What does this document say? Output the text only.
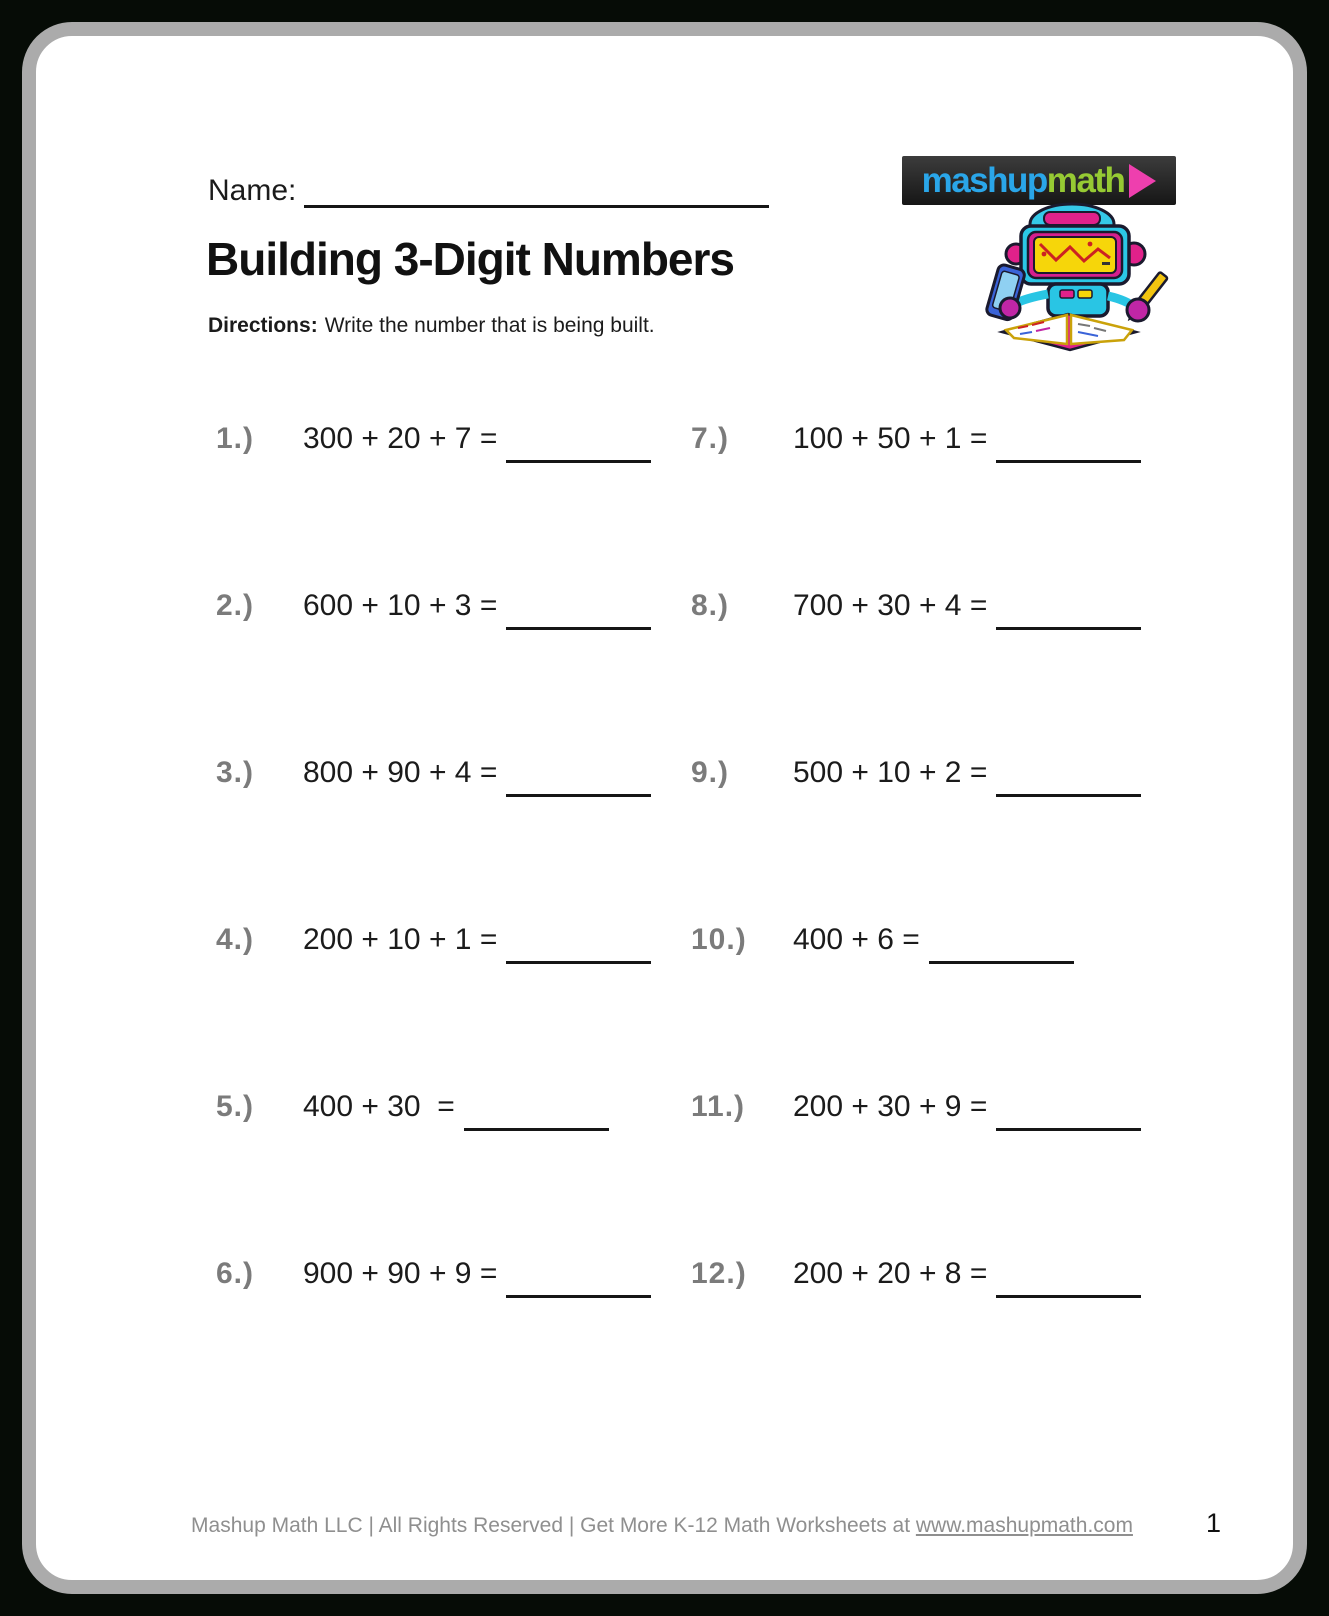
Name:	mashup math
Building 3-Digit Numbers
Directions: Write the number that is being built.
1.)	300 + 20 + 7 =
2.)	600 + 10 + 3 =
3.)	800 + 90 + 4 =
4.)	200 + 10 + 1 =
5.)	400 + 30  =
6.)	900 + 90 + 9 =
7.)	100 + 50 + 1 =
8.)	700 + 30 + 4 =
9.)	500 + 10 + 2 =
10.)	400 + 6 =
11.)	200 + 30 + 9 =
12.)	200 + 20 + 8 =
Mashup Math LLC | All Rights Reserved | Get More K-12 Math Worksheets at www.mashupmath.com	1
